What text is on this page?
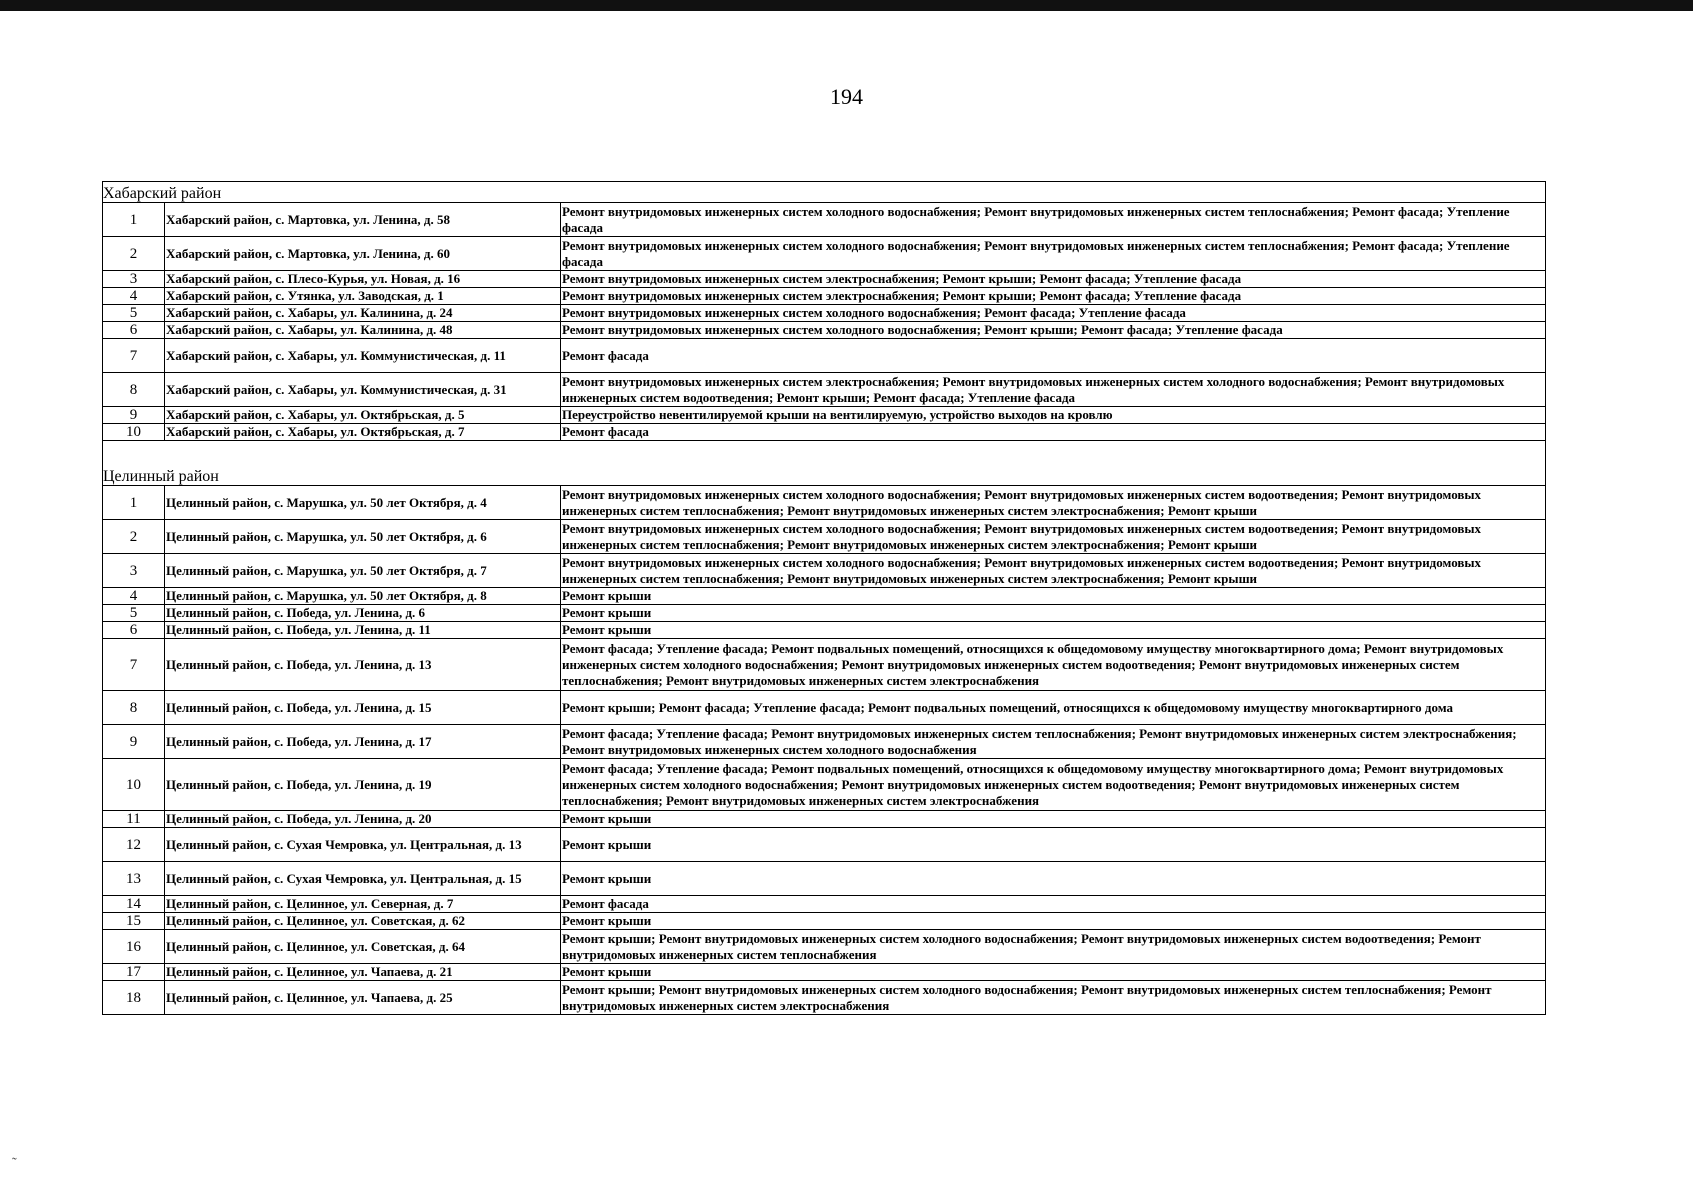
194
Хабарский район		
1	Хабарский район, с. Мартовка, ул. Ленина, д. 58	Ремонт внутридомовых инженерных систем холодного водоснабжения; Ремонт внутридомовых инженерных систем теплоснабжения; Ремонт фасада; Утепление фасада
2	Хабарский район, с. Мартовка, ул. Ленина, д. 60	Ремонт внутридомовых инженерных систем холодного водоснабжения; Ремонт внутридомовых инженерных систем теплоснабжения; Ремонт фасада; Утепление фасада
3	Хабарский район, с. Плесо-Курья, ул. Новая, д. 16	Ремонт внутридомовых инженерных систем электроснабжения; Ремонт крыши; Ремонт фасада; Утепление фасада
4	Хабарский район, с. Утянка, ул. Заводская, д. 1	Ремонт внутридомовых инженерных систем электроснабжения; Ремонт крыши; Ремонт фасада; Утепление фасада
5	Хабарский район, с. Хабары, ул. Калинина, д. 24	Ремонт внутридомовых инженерных систем холодного водоснабжения; Ремонт фасада; Утепление фасада
6	Хабарский район, с. Хабары, ул. Калинина, д. 48	Ремонт внутридомовых инженерных систем холодного водоснабжения; Ремонт крыши; Ремонт фасада; Утепление фасада
7	Хабарский район, с. Хабары, ул. Коммунистическая, д. 11	Ремонт фасада
8	Хабарский район, с. Хабары, ул. Коммунистическая, д. 31	Ремонт внутридомовых инженерных систем электроснабжения; Ремонт внутридомовых инженерных систем холодного водоснабжения; Ремонт внутридомовых инженерных систем водоотведения; Ремонт крыши; Ремонт фасада; Утепление фасада
9	Хабарский район, с. Хабары, ул. Октябрьская, д. 5	Переустройство невентилируемой крыши на вентилируемую, устройство выходов на кровлю
10	Хабарский район, с. Хабары, ул. Октябрьская, д. 7	Ремонт фасада

Целинный район		
1	Целинный район, с. Марушка, ул. 50 лет Октября, д. 4	Ремонт внутридомовых инженерных систем холодного водоснабжения; Ремонт внутридомовых инженерных систем водоотведения; Ремонт внутридомовых инженерных систем теплоснабжения; Ремонт внутридомовых инженерных систем электроснабжения; Ремонт крыши
2	Целинный район, с. Марушка, ул. 50 лет Октября, д. 6	Ремонт внутридомовых инженерных систем холодного водоснабжения; Ремонт внутридомовых инженерных систем водоотведения; Ремонт внутридомовых инженерных систем теплоснабжения; Ремонт внутридомовых инженерных систем электроснабжения; Ремонт крыши
3	Целинный район, с. Марушка, ул. 50 лет Октября, д. 7	Ремонт внутридомовых инженерных систем холодного водоснабжения; Ремонт внутридомовых инженерных систем водоотведения; Ремонт внутридомовых инженерных систем теплоснабжения; Ремонт внутридомовых инженерных систем электроснабжения; Ремонт крыши
4	Целинный район, с. Марушка, ул. 50 лет Октября, д. 8	Ремонт крыши
5	Целинный район, с. Победа, ул. Ленина, д. 6	Ремонт крыши
6	Целинный район, с. Победа, ул. Ленина, д. 11	Ремонт крыши
7	Целинный район, с. Победа, ул. Ленина, д. 13	Ремонт фасада; Утепление фасада; Ремонт подвальных помещений, относящихся к общедомовому имуществу многоквартирного дома; Ремонт внутридомовых инженерных систем холодного водоснабжения; Ремонт внутридомовых инженерных систем водоотведения; Ремонт внутридомовых инженерных систем теплоснабжения; Ремонт внутридомовых инженерных систем электроснабжения
8	Целинный район, с. Победа, ул. Ленина, д. 15	Ремонт крыши; Ремонт фасада; Утепление фасада; Ремонт подвальных помещений, относящихся к общедомовому имуществу многоквартирного дома
9	Целинный район, с. Победа, ул. Ленина, д. 17	Ремонт фасада; Утепление фасада; Ремонт внутридомовых инженерных систем теплоснабжения; Ремонт внутридомовых инженерных систем электроснабжения; Ремонт внутридомовых инженерных систем холодного водоснабжения
10	Целинный район, с. Победа, ул. Ленина, д. 19	Ремонт фасада; Утепление фасада; Ремонт подвальных помещений, относящихся к общедомовому имуществу многоквартирного дома; Ремонт внутридомовых инженерных систем холодного водоснабжения; Ремонт внутридомовых инженерных систем водоотведения; Ремонт внутридомовых инженерных систем теплоснабжения; Ремонт внутридомовых инженерных систем электроснабжения
11	Целинный район, с. Победа, ул. Ленина, д. 20	Ремонт крыши
12	Целинный район, с. Сухая Чемровка, ул. Центральная, д. 13	Ремонт крыши
13	Целинный район, с. Сухая Чемровка, ул. Центральная, д. 15	Ремонт крыши
14	Целинный район, с. Целинное, ул. Северная, д. 7	Ремонт фасада
15	Целинный район, с. Целинное, ул. Советская, д. 62	Ремонт крыши
16	Целинный район, с. Целинное, ул. Советская, д. 64	Ремонт крыши; Ремонт внутридомовых инженерных систем холодного водоснабжения; Ремонт внутридомовых инженерных систем водоотведения; Ремонт внутридомовых инженерных систем теплоснабжения
17	Целинный район, с. Целинное, ул. Чапаева, д. 21	Ремонт крыши
18	Целинный район, с. Целинное, ул. Чапаева, д. 25	Ремонт крыши; Ремонт внутридомовых инженерных систем холодного водоснабжения; Ремонт внутридомовых инженерных систем теплоснабжения; Ремонт внутридомовых инженерных систем электроснабжения
˜
